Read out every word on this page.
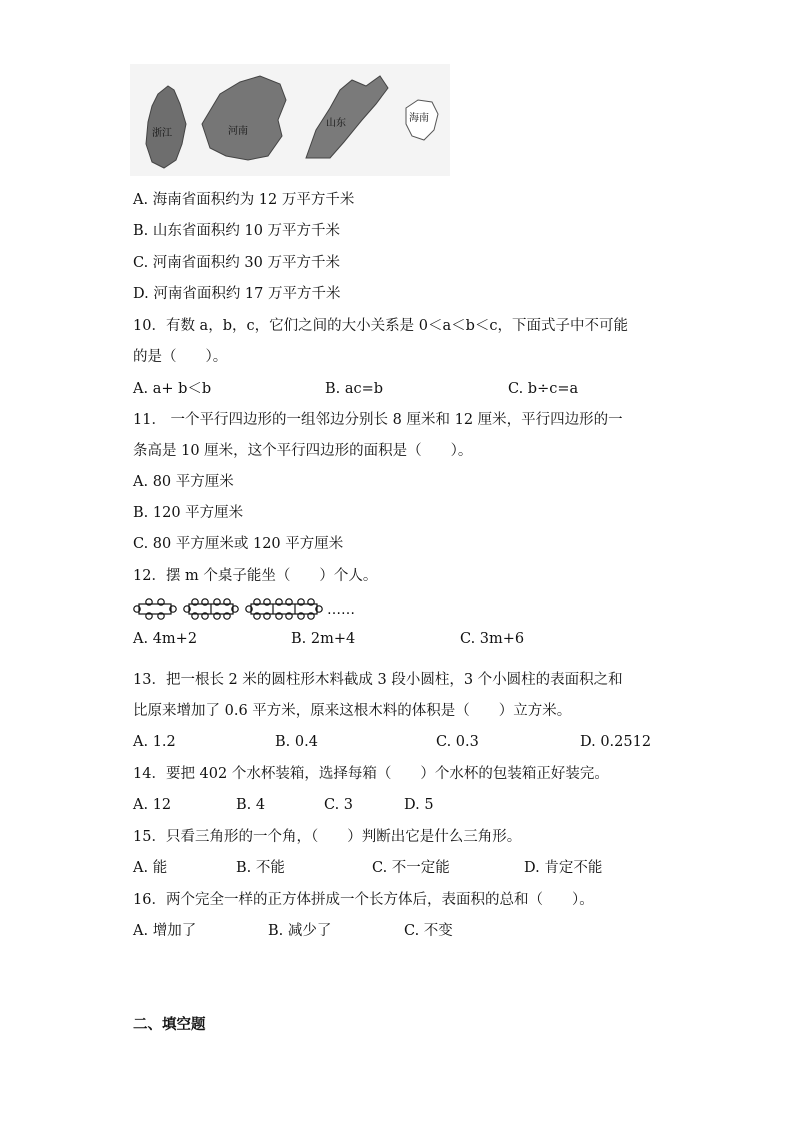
浙江	河南
山东	海南
A. 海南省面积约为 12 万平方千米
B. 山东省面积约 10 万平方千米
C. 河南省面积约 30 万平方千米
D. 河南省面积约 17 万平方千米
10．有数 a，b，c，它们之间的大小关系是 0＜a＜b＜c，下面式子中不可能
的是（　　）。
A. a+ b＜b	B. ac=b	C. b÷c=a
11． 一个平行四边形的一组邻边分别长 8 厘米和 12 厘米，平行四边形的一
条高是 10 厘米，这个平行四边形的面积是（　　）。
A. 80 平方厘米
B. 120 平方厘米
C. 80 平方厘米或 120 平方厘米
12．摆 m 个桌子能坐（　　）个人。
……
A. 4m+2	B. 2m+4	C. 3m+6
13．把一根长 2 米的圆柱形木料截成 3 段小圆柱，3 个小圆柱的表面积之和
比原来增加了 0.6 平方米，原来这根木料的体积是（　　）立方米。
A. 1.2	B. 0.4	C. 0.3	D. 0.2512
14．要把 402 个水杯装箱，选择每箱（　　）个水杯的包装箱正好装完。
A. 12	B. 4	C. 3	D. 5
15．只看三角形的一个角，（　　）判断出它是什么三角形。
A. 能	B. 不能	C. 不一定能	D. 肯定不能
16．两个完全一样的正方体拼成一个长方体后，表面积的总和（　　）。
A. 增加了	B. 减少了	C. 不变
二、填空题
